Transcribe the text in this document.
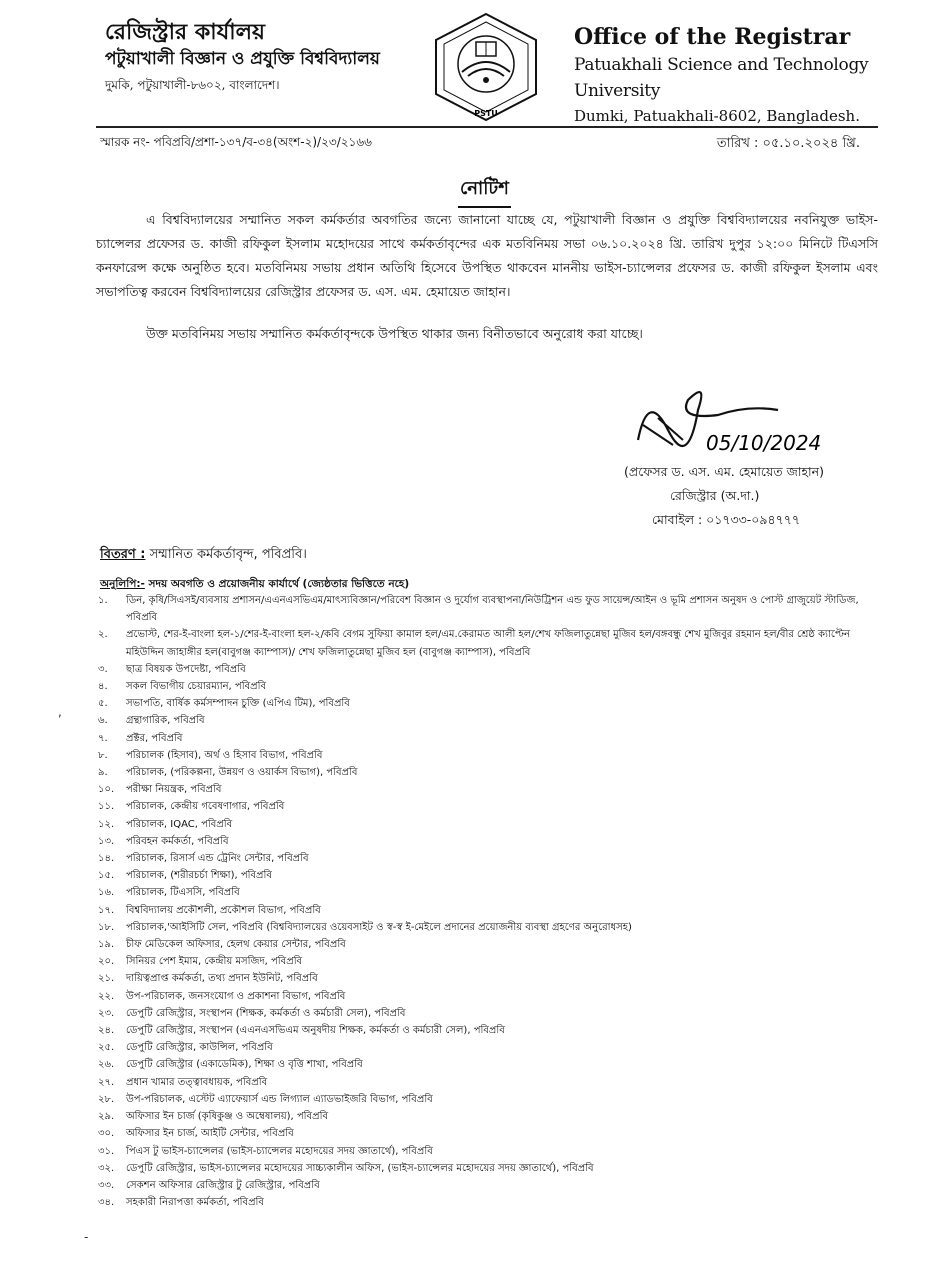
রেজিস্ট্রার কার্যালয়
পটুয়াখালী বিজ্ঞান ও প্রযুক্তি বিশ্ববিদ্যালয়
দুমকি, পটুয়াখালী-৮৬০২, বাংলাদেশ।
PSTU
Office of the Registrar
Patuakhali Science and Technology University
Dumki, Patuakhali-8602, Bangladesh.
স্মারক নং- পবিপ্রবি/প্রশা-১৩৭/ব-৩৪(অংশ-২)/২৩/২১৬৬	তারিখ : ০৫.১০.২০২৪ খ্রি.
নোটিশ
এ বিশ্ববিদ্যালয়ের সম্মানিত সকল কর্মকর্তার অবগতির জন্যে জানানো যাচ্ছে যে, পটুয়াখালী বিজ্ঞান ও প্রযুক্তি বিশ্ববিদ্যালয়ের নবনিযুক্ত ভাইস-চ্যান্সেলর প্রফেসর ড. কাজী রফিকুল ইসলাম মহোদয়ের সাথে কর্মকর্তাবৃন্দের এক মতবিনিময় সভা ০৬.১০.২০২৪ খ্রি. তারিখ দুপুর ১২:০০ মিনিটে টিএসসি কনফারেন্স কক্ষে অনুষ্ঠিত হবে। মতবিনিময় সভায় প্রধান অতিথি হিসেবে উপস্থিত থাকবেন মাননীয় ভাইস-চ্যান্সেলর প্রফেসর ড. কাজী রফিকুল ইসলাম এবং সভাপতিত্ব করবেন বিশ্ববিদ্যালয়ের রেজিস্ট্রার প্রফেসর ড. এস. এম. হেমায়েত জাহান।
উক্ত মতবিনিময় সভায় সম্মানিত কর্মকর্তাবৃন্দকে উপস্থিত থাকার জন্য বিনীতভাবে অনুরোধ করা যাচ্ছে।
05/10/2024
(প্রফেসর ড. এস. এম. হেমায়েত জাহান)
রেজিস্ট্রার (অ.দা.)
মোবাইল : ০১৭৩৩-০৯৪৭৭৭
বিতরণ : সম্মানিত কর্মকর্তাবৃন্দ, পবিপ্রবি।
অনুলিপি:- সদয় অবগতি ও প্রয়োজনীয় কার্যার্থে (জ্যেষ্ঠতার ভিত্তিতে নহে)
১.	ডিন, কৃষি/সিএসই/ব্যবসায় প্রশাসন/এএনএসভিএম/মাৎস্যবিজ্ঞান/পরিবেশ বিজ্ঞান ও দুর্যোগ ব্যবস্থাপনা/নিউট্রিশন এন্ড ফুড সায়েন্স/আইন ও ভূমি প্রশাসন অনুষদ ও পোস্ট গ্রাজুয়েট স্টাডিজ, পবিপ্রবি
২.	প্রভোস্ট, শের-ই-বাংলা হল-১/শের-ই-বাংলা হল-২/কবি বেগম সুফিয়া কামাল হল/এম.কেরামত আলী হল/শেখ ফজিলাতুন্নেছা মুজিব হল/বঙ্গবন্ধু শেখ মুজিবুর রহমান হল/বীর শ্রেষ্ঠ ক্যাপ্টেন মহিউদ্দিন জাহাঙ্গীর হল(বাবুগঞ্জ ক্যাম্পাস)/ শেখ ফজিলাতুন্নেছা মুজিব হল (বাবুগঞ্জ ক্যাম্পাস), পবিপ্রবি
৩.	ছাত্র বিষয়ক উপদেষ্টা, পবিপ্রবি
৪.	সকল বিভাগীয় চেয়ারম্যান, পবিপ্রবি
৫.	সভাপতি, বার্ষিক কর্মসম্পাদন চুক্তি (এপিএ টিম), পবিপ্রবি
৬.	গ্রন্থাগারিক, পবিপ্রবি
৭.	প্রক্টর, পবিপ্রবি
৮.	পরিচালক (হিসাব), অর্থ ও হিসাব বিভাগ, পবিপ্রবি
৯.	পরিচালক, (পরিকল্পনা, উন্নয়ণ ও ওয়ার্কস বিভাগ), পবিপ্রবি
১০.	পরীক্ষা নিয়ন্ত্রক, পবিপ্রবি
১১.	পরিচালক, কেন্দ্রীয় গবেষণাগার, পবিপ্রবি
১২.	পরিচালক, IQAC, পবিপ্রবি
১৩.	পরিবহন কর্মকর্তা, পবিপ্রবি
১৪.	পরিচালক, রিসার্স এন্ড ট্রেনিং সেন্টার, পবিপ্রবি
১৫.	পরিচালক, (শরীরচর্চা শিক্ষা), পবিপ্রবি
১৬.	পরিচালক, টিএসসি, পবিপ্রবি
১৭.	বিশ্ববিদ্যালয় প্রকৌশলী, প্রকৌশল বিভাগ, পবিপ্রবি
১৮.	পরিচালক,'আইসিটি সেল, পবিপ্রবি (বিশ্ববিদ্যালয়ের ওয়েবসাইট ও স্ব-স্ব ই-মেইলে প্রদানের প্রয়োজনীয় ব্যবস্থা গ্রহণের অনুরোধসহ)
১৯.	চীফ মেডিকেল অফিসার, হেলথ কেয়ার সেন্টার, পবিপ্রবি
২০.	সিনিয়র পেশ ইমাম, কেন্দ্রীয় মসজিদ, পবিপ্রবি
২১.	দায়িত্বপ্রাপ্ত কর্মকর্তা, তথ্য প্রদান ইউনিট, পবিপ্রবি
২২.	উপ-পরিচালক, জনসংযোগ ও প্রকাশনা বিভাগ, পবিপ্রবি
২৩.	ডেপুটি রেজিস্ট্রার, সংস্থাপন (শিক্ষক, কর্মকর্তা ও কর্মচারী সেল), পবিপ্রবি
২৪.	ডেপুটি রেজিস্ট্রার, সংস্থাপন (এএনএসভিএম অনুষদীয় শিক্ষক, কর্মকর্তা ও কর্মচারী সেল), পবিপ্রবি
২৫.	ডেপুটি রেজিস্ট্রার, কাউন্সিল, পবিপ্রবি
২৬.	ডেপুটি রেজিস্ট্রার (একাডেমিক), শিক্ষা ও বৃত্তি শাখা, পবিপ্রবি
২৭.	প্রধান খামার তত্ত্বাবধায়ক, পবিপ্রবি
২৮.	উপ-পরিচালক, এস্টেট এ্যাফেয়ার্স এন্ড লিগ্যাল এ্যাডভাইজরি বিভাগ, পবিপ্রবি
২৯.	অফিসার ইন চার্জ (কৃষিকুঞ্জ ও অম্বেষালয়), পবিপ্রবি
৩০.	অফিসার ইন চার্জ, আইটি সেন্টার, পবিপ্রবি
৩১.	পিএস টু ভাইস-চ্যান্সেলর (ভাইস-চ্যান্সেলর মহোদয়ের সদয় জ্ঞাতার্থে), পবিপ্রবি
৩২.	ডেপুটি রেজিস্ট্রার, ভাইস-চ্যান্সেলর মহোদয়ের সাচ্চ্যকালীন অফিস, (ভাইস-চ্যান্সেলর মহোদয়ের সদয় জ্ঞাতার্থে), পবিপ্রবি
৩৩.	সেকশন অফিসার রেজিস্ট্রার টু রেজিস্ট্রার, পবিপ্রবি
৩৪.	সহকারী নিরাপত্তা কর্মকর্তা, পবিপ্রবি
,
-
